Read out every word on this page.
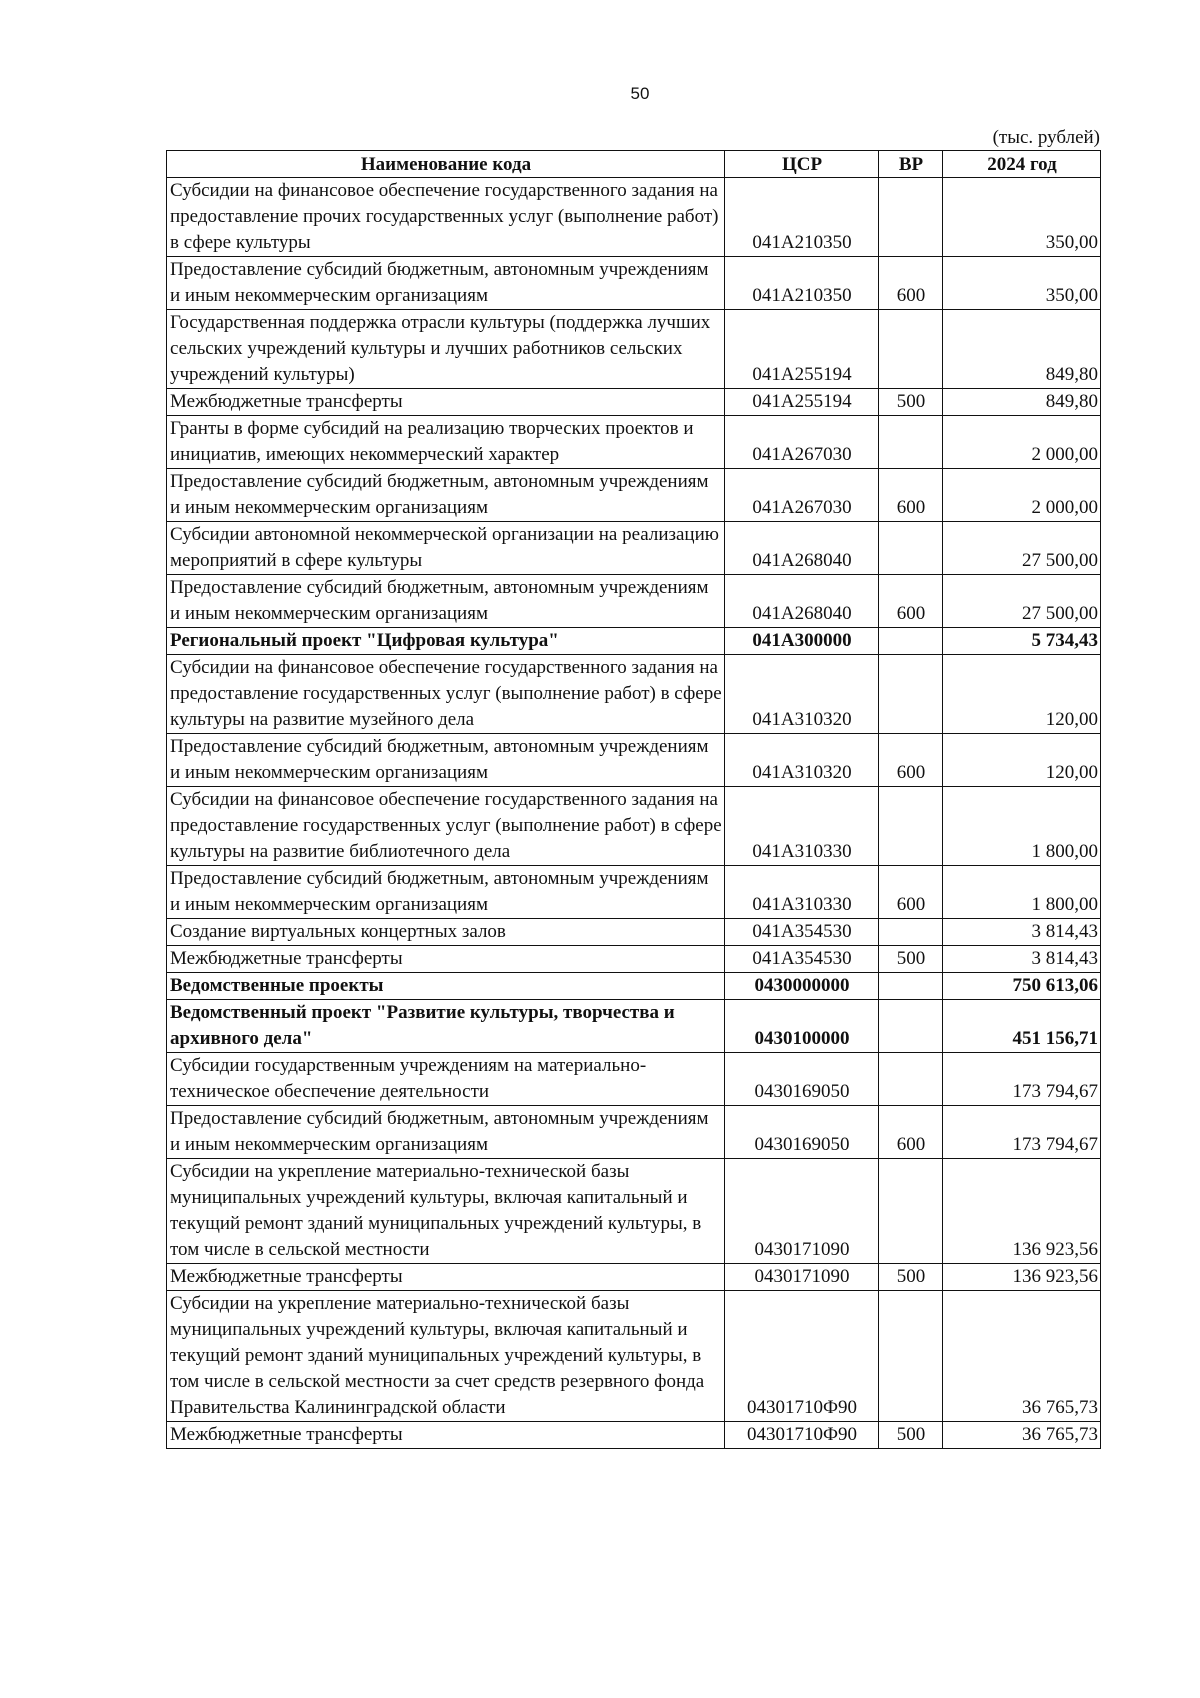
50
(тыс. рублей)
Наименование кода	ЦСР	ВР	2024 год
Субсидии на финансовое обеспечение государственного задания на предоставление прочих государственных услуг (выполнение работ) в сфере культуры	041A210350		350,00
Предоставление субсидий бюджетным, автономным учреждениям и иным некоммерческим организациям	041A210350	600	350,00
Государственная поддержка отрасли культуры (поддержка лучших сельских учреждений культуры и лучших работников сельских учреждений культуры)	041A255194		849,80
Межбюджетные трансферты	041A255194	500	849,80
Гранты в форме субсидий на реализацию творческих проектов и инициатив, имеющих некоммерческий характер	041A267030		2 000,00
Предоставление субсидий бюджетным, автономным учреждениям и иным некоммерческим организациям	041A267030	600	2 000,00
Субсидии автономной некоммерческой организации на реализацию мероприятий в сфере культуры	041A268040		27 500,00
Предоставление субсидий бюджетным, автономным учреждениям и иным некоммерческим организациям	041A268040	600	27 500,00
Региональный проект "Цифровая культура"	041A300000		5 734,43
Субсидии на финансовое обеспечение государственного задания на предоставление государственных услуг (выполнение работ) в сфере культуры на развитие музейного дела	041A310320		120,00
Предоставление субсидий бюджетным, автономным учреждениям и иным некоммерческим организациям	041A310320	600	120,00
Субсидии на финансовое обеспечение государственного задания на предоставление государственных услуг (выполнение работ) в сфере культуры на развитие библиотечного дела	041A310330		1 800,00
Предоставление субсидий бюджетным, автономным учреждениям и иным некоммерческим организациям	041A310330	600	1 800,00
Создание виртуальных концертных залов	041A354530		3 814,43
Межбюджетные трансферты	041A354530	500	3 814,43
Ведомственные проекты	0430000000		750 613,06
Ведомственный проект "Развитие культуры, творчества и архивного дела"	0430100000		451 156,71
Субсидии государственным учреждениям на материально-техническое обеспечение деятельности	0430169050		173 794,67
Предоставление субсидий бюджетным, автономным учреждениям и иным некоммерческим организациям	0430169050	600	173 794,67
Субсидии на укрепление материально-технической базы муниципальных учреждений культуры, включая капитальный и текущий ремонт зданий муниципальных учреждений культуры, в том числе в сельской местности	0430171090		136 923,56
Межбюджетные трансферты	0430171090	500	136 923,56
Субсидии на укрепление материально-технической базы муниципальных учреждений культуры, включая капитальный и текущий ремонт зданий муниципальных учреждений культуры, в том числе в сельской местности за счет средств резервного фонда Правительства Калининградской области	04301710Ф90		36 765,73
Межбюджетные трансферты	04301710Ф90	500	36 765,73
